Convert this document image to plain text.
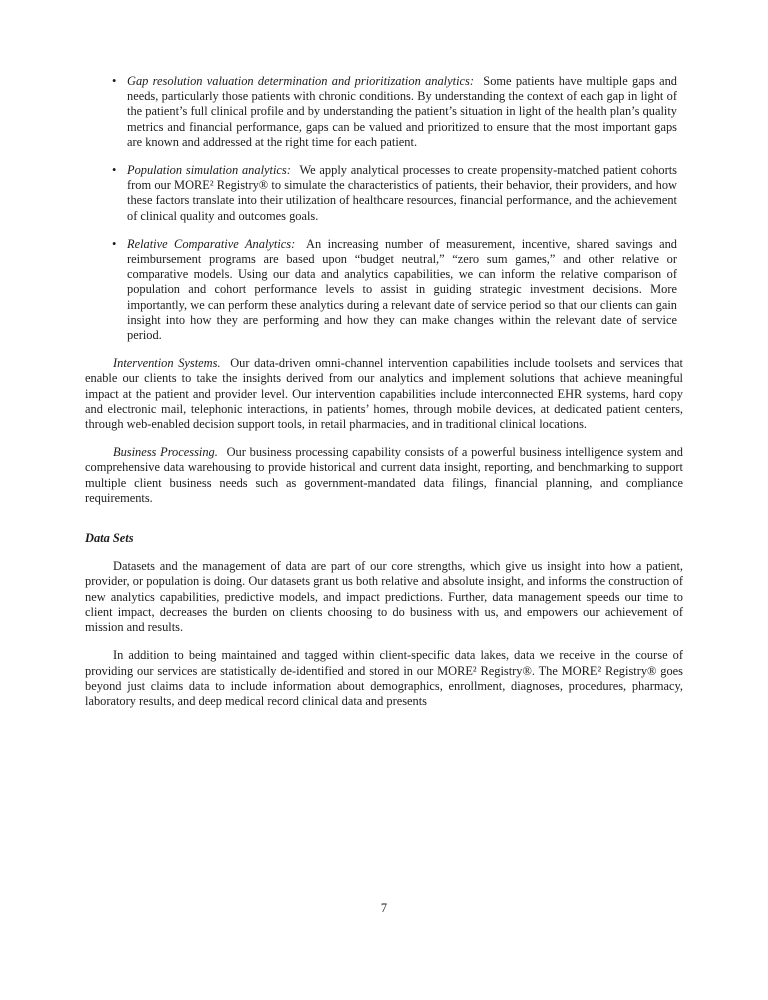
• Gap resolution valuation determination and prioritization analytics: Some patients have multiple gaps and needs, particularly those patients with chronic conditions. By understanding the context of each gap in light of the patient’s full clinical profile and by understanding the patient’s situation in light of the health plan’s quality metrics and financial performance, gaps can be valued and prioritized to ensure that the most important gaps are known and addressed at the right time for each patient.
• Population simulation analytics: We apply analytical processes to create propensity-matched patient cohorts from our MORE² Registry® to simulate the characteristics of patients, their behavior, their providers, and how these factors translate into their utilization of healthcare resources, financial performance, and the achievement of clinical quality and outcomes goals.
• Relative Comparative Analytics: An increasing number of measurement, incentive, shared savings and reimbursement programs are based upon “budget neutral,” “zero sum games,” and other relative or comparative models. Using our data and analytics capabilities, we can inform the relative comparison of population and cohort performance levels to assist in guiding strategic investment decisions. More importantly, we can perform these analytics during a relevant date of service period so that our clients can gain insight into how they are performing and how they can make changes within the relevant date of service period.

Intervention Systems. Our data-driven omni-channel intervention capabilities include toolsets and services that enable our clients to take the insights derived from our analytics and implement solutions that achieve meaningful impact at the patient and provider level. Our intervention capabilities include interconnected EHR systems, hard copy and electronic mail, telephonic interactions, in patients’ homes, through mobile devices, at dedicated patient centers, through web-enabled decision support tools, in retail pharmacies, and in traditional clinical locations.

Business Processing. Our business processing capability consists of a powerful business intelligence system and comprehensive data warehousing to provide historical and current data insight, reporting, and benchmarking to support multiple client business needs such as government-mandated data filings, financial planning, and compliance requirements.

Data Sets

Datasets and the management of data are part of our core strengths, which give us insight into how a patient, provider, or population is doing. Our datasets grant us both relative and absolute insight, and informs the construction of new analytics capabilities, predictive models, and impact predictions. Further, data management speeds our time to client impact, decreases the burden on clients choosing to do business with us, and empowers our achievement of mission and results.

In addition to being maintained and tagged within client-specific data lakes, data we receive in the course of providing our services are statistically de-identified and stored in our MORE² Registry®. The MORE² Registry® goes beyond just claims data to include information about demographics, enrollment, diagnoses, procedures, pharmacy, laboratory results, and deep medical record clinical data and presents

7
